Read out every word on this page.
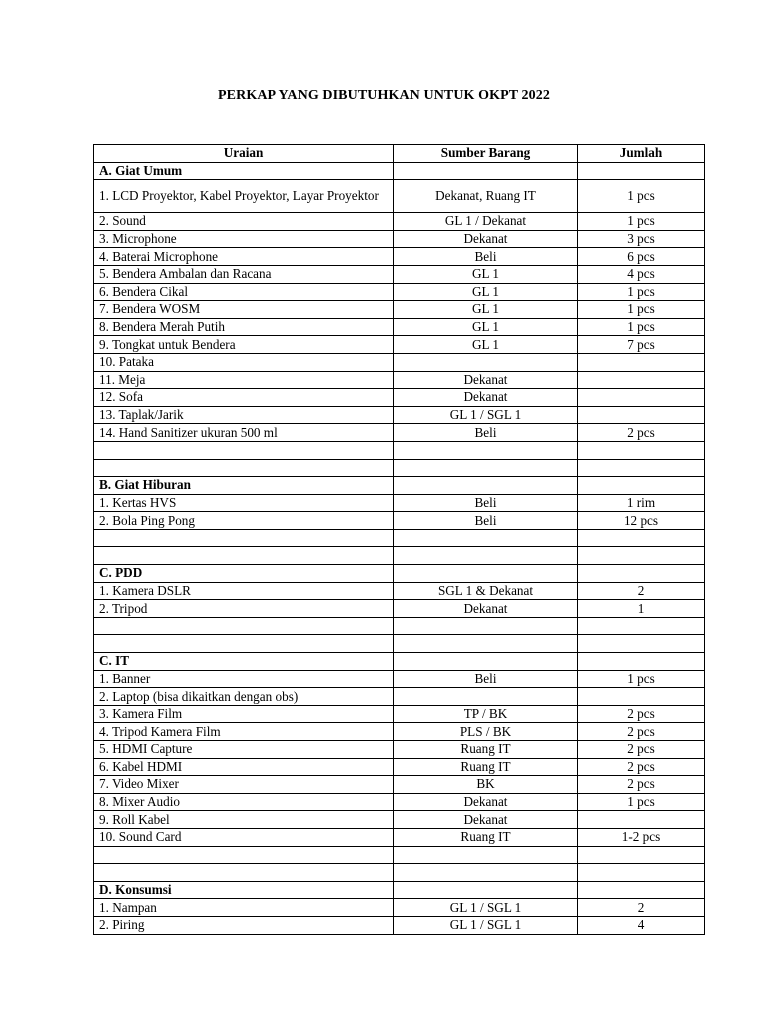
PERKAP YANG DIBUTUHKAN UNTUK OKPT 2022
Uraian	Sumber Barang	Jumlah
A. Giat Umum		
1. LCD Proyektor, Kabel Proyektor, Layar Proyektor	Dekanat, Ruang IT	1 pcs
2. Sound	GL 1 / Dekanat	1 pcs
3. Microphone	Dekanat	3 pcs
4. Baterai Microphone	Beli	6 pcs
5. Bendera Ambalan dan Racana	GL 1	4 pcs
6. Bendera Cikal	GL 1	1 pcs
7. Bendera WOSM	GL 1	1 pcs
8. Bendera Merah Putih	GL 1	1 pcs
9. Tongkat untuk Bendera	GL 1	7 pcs
10. Pataka		
11. Meja	Dekanat	
12. Sofa	Dekanat	
13. Taplak/Jarik	GL 1 / SGL 1	
14. Hand Sanitizer ukuran 500 ml	Beli	2 pcs

B. Giat Hiburan		
1. Kertas HVS	Beli	1 rim
2. Bola Ping Pong	Beli	12 pcs

C. PDD		
1. Kamera DSLR	SGL 1 & Dekanat	2
2. Tripod	Dekanat	1

C. IT		
1. Banner	Beli	1 pcs
2. Laptop (bisa dikaitkan dengan obs)		
3. Kamera Film	TP / BK	2 pcs
4. Tripod Kamera Film	PLS / BK	2 pcs
5. HDMI Capture	Ruang IT	2 pcs
6. Kabel HDMI	Ruang IT	2 pcs
7. Video Mixer	BK	2 pcs
8. Mixer Audio	Dekanat	1 pcs
9. Roll Kabel	Dekanat	
10. Sound Card	Ruang IT	1-2 pcs

D. Konsumsi		
1. Nampan	GL 1 / SGL 1	2
2. Piring	GL 1 / SGL 1	4
